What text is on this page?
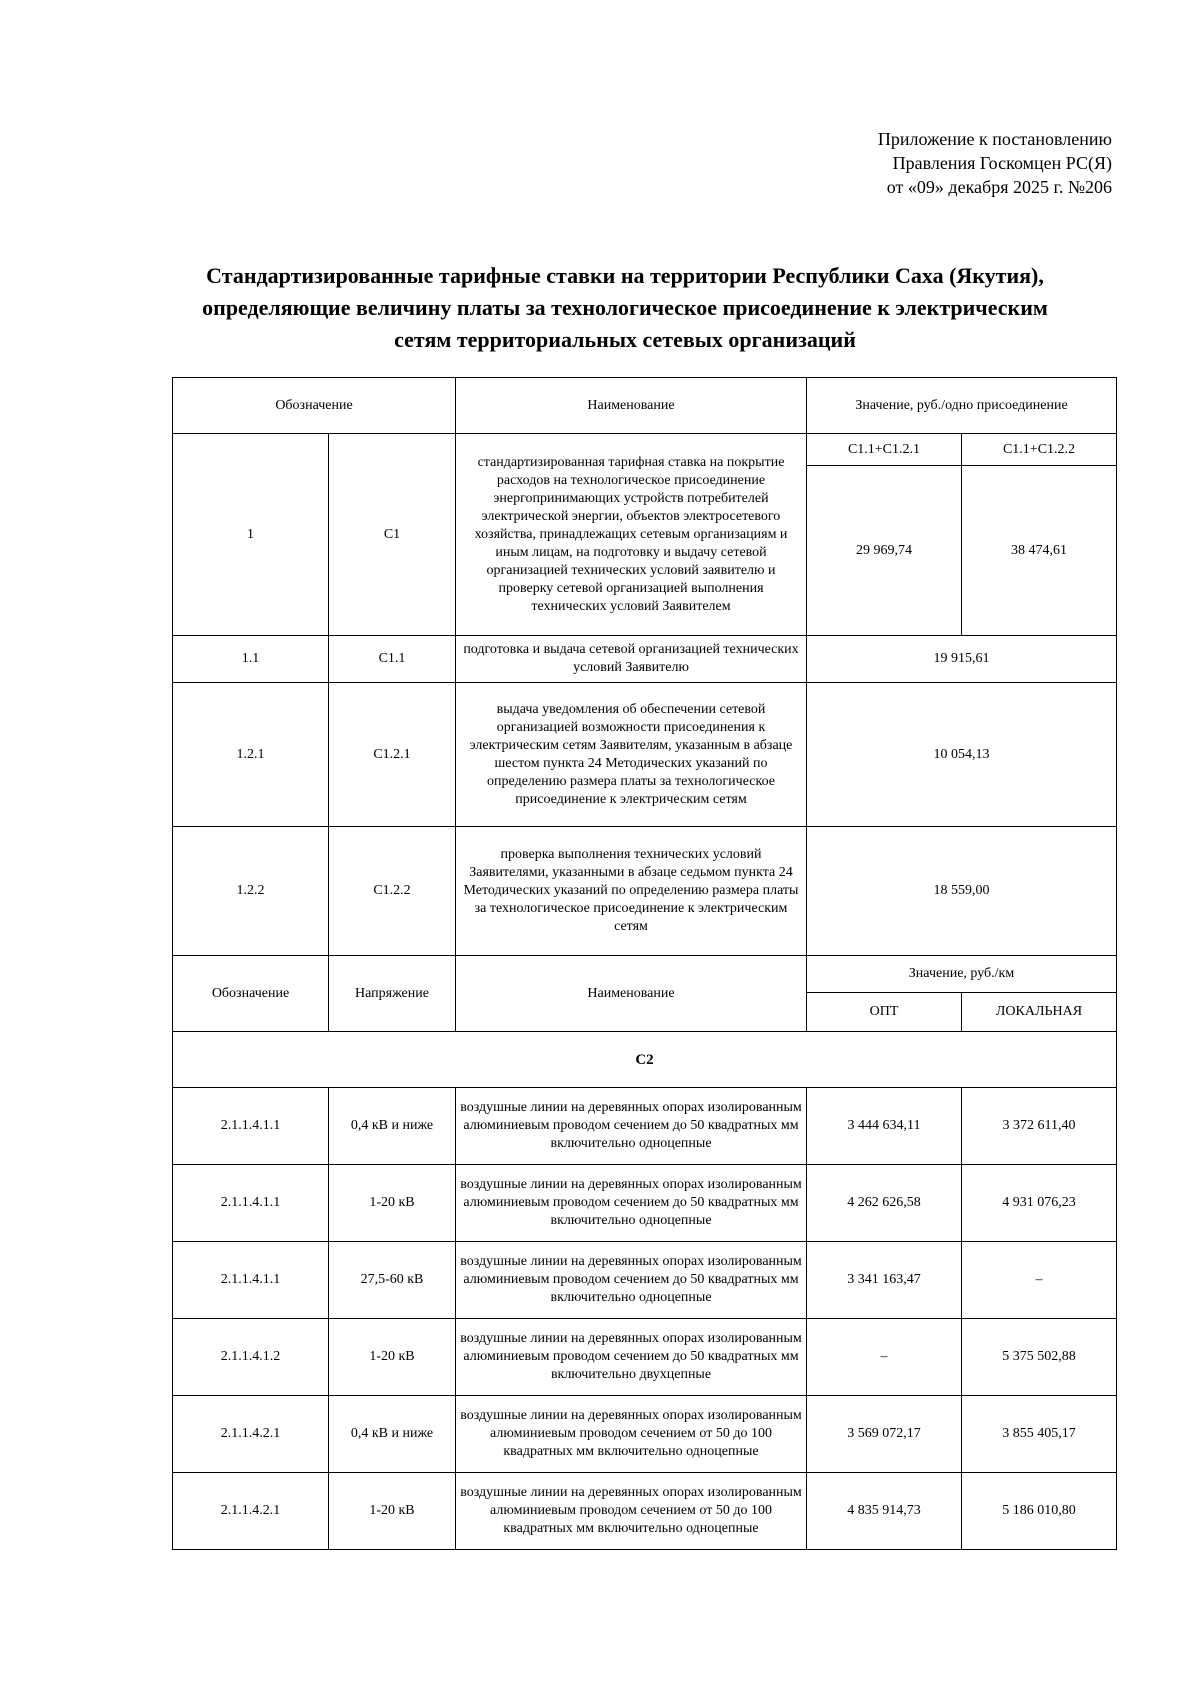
Приложение к постановлению
Правления Госкомцен РС(Я)
от «09» декабря 2025 г. №206
Стандартизированные тарифные ставки на территории Республики Саха (Якутия),
определяющие величину платы за технологическое присоединение к электрическим
сетям территориальных сетевых организаций
Обозначение		Наименование	Значение, руб./одно присоединение	
1	C1	стандартизированная тарифная ставка на покрытие расходов на технологическое присоединение энергопринимающих устройств потребителей электрической энергии, объектов электросетевого хозяйства, принадлежащих сетевым организациям и иным лицам, на подготовку и выдачу сетевой организацией технических условий заявителю и проверку сетевой организацией выполнения технических условий Заявителем	C1.1+C1.2.1	C1.1+C1.2.2
			29 969,74	38 474,61
1.1	C1.1	подготовка и выдача сетевой организацией технических условий Заявителю	19 915,61	
1.2.1	C1.2.1	выдача уведомления об обеспечении сетевой организацией возможности присоединения к электрическим сетям Заявителям, указанным в абзаце шестом пункта 24 Методических указаний по определению размера платы за технологическое присоединение к электрическим сетям	10 054,13	
1.2.2	C1.2.2	проверка выполнения технических условий Заявителями, указанными в абзаце седьмом пункта 24 Методических указаний по определению размера платы за технологическое присоединение к электрическим сетям	18 559,00	
Обозначение	Напряжение	Наименование	Значение, руб./км	
			ОПТ	ЛОКАЛЬНАЯ
C2				
2.1.1.4.1.1	0,4 кВ и ниже	воздушные линии на деревянных опорах изолированным алюминиевым проводом сечением до 50 квадратных мм включительно одноцепные	3 444 634,11	3 372 611,40
2.1.1.4.1.1	1-20 кВ	воздушные линии на деревянных опорах изолированным алюминиевым проводом сечением до 50 квадратных мм включительно одноцепные	4 262 626,58	4 931 076,23
2.1.1.4.1.1	27,5-60 кВ	воздушные линии на деревянных опорах изолированным алюминиевым проводом сечением до 50 квадратных мм включительно одноцепные	3 341 163,47	–
2.1.1.4.1.2	1-20 кВ	воздушные линии на деревянных опорах изолированным алюминиевым проводом сечением до 50 квадратных мм включительно двухцепные	–	5 375 502,88
2.1.1.4.2.1	0,4 кВ и ниже	воздушные линии на деревянных опорах изолированным алюминиевым проводом сечением от 50 до 100 квадратных мм включительно одноцепные	3 569 072,17	3 855 405,17
2.1.1.4.2.1	1-20 кВ	воздушные линии на деревянных опорах изолированным алюминиевым проводом сечением от 50 до 100 квадратных мм включительно одноцепные	4 835 914,73	5 186 010,80
